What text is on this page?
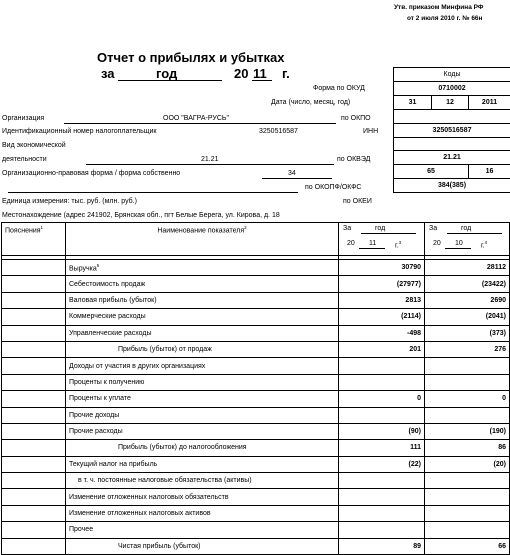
Утв. приказом Минфина РФ
от 2 июля 2010 г. № 66н
Отчет о прибылях и убытках
за	год	20 11 г.	Коды		
0710002		
31	12	2011

3250516587		

21.21		
65		16
384(385)		
Форма по ОКУД
Дата (число, месяц, год)
по ОКПО
ИНН
по ОКВЭД
по ОКОПФ/ОКФС
по ОКЕИ
Организация	ООО "ВАГРА-РУСЬ"
Идентификационный номер налогоплательщик	3250516587
Вид экономической
деятельности	21.21
Организационно-правовая форма / форма собственно	34
Единица измерения: тыс. руб. (млн. руб.)
Местонахождение (адрес 241902, Брянская обл., пгт Белые Берега, ул. Кирова, д. 18
Пояснения$^1$	Наименование показателя$^2$	За год
20 11 г.$^3$	За год
20 10 г.$^4$

	Выручка$^5$	30790	28112
	Себестоимость продаж	(27977)	(23422)
	Валовая прибыль (убыток)	2813	2690
	Коммерческие расходы	(2114)	(2041)
	Управленческие расходы	-498	(373)
	Прибыль (убыток) от продаж	201	276
	Доходы от участия в других организациях		
	Проценты к получению		
	Проценты к уплате	0	0
	Прочие доходы		
	Прочие расходы	(90)	(190)
	Прибыль (убыток) до налогообложения	111	86
	Текущий налог на прибыль	(22)	(20)
	в т. ч. постоянные налоговые обязательства (активы)		
	Изменение отложенных налоговых обязательств		
	Изменение отложенных налоговых активов		
	Прочее		
	Чистая прибыль (убыток)	89	66
